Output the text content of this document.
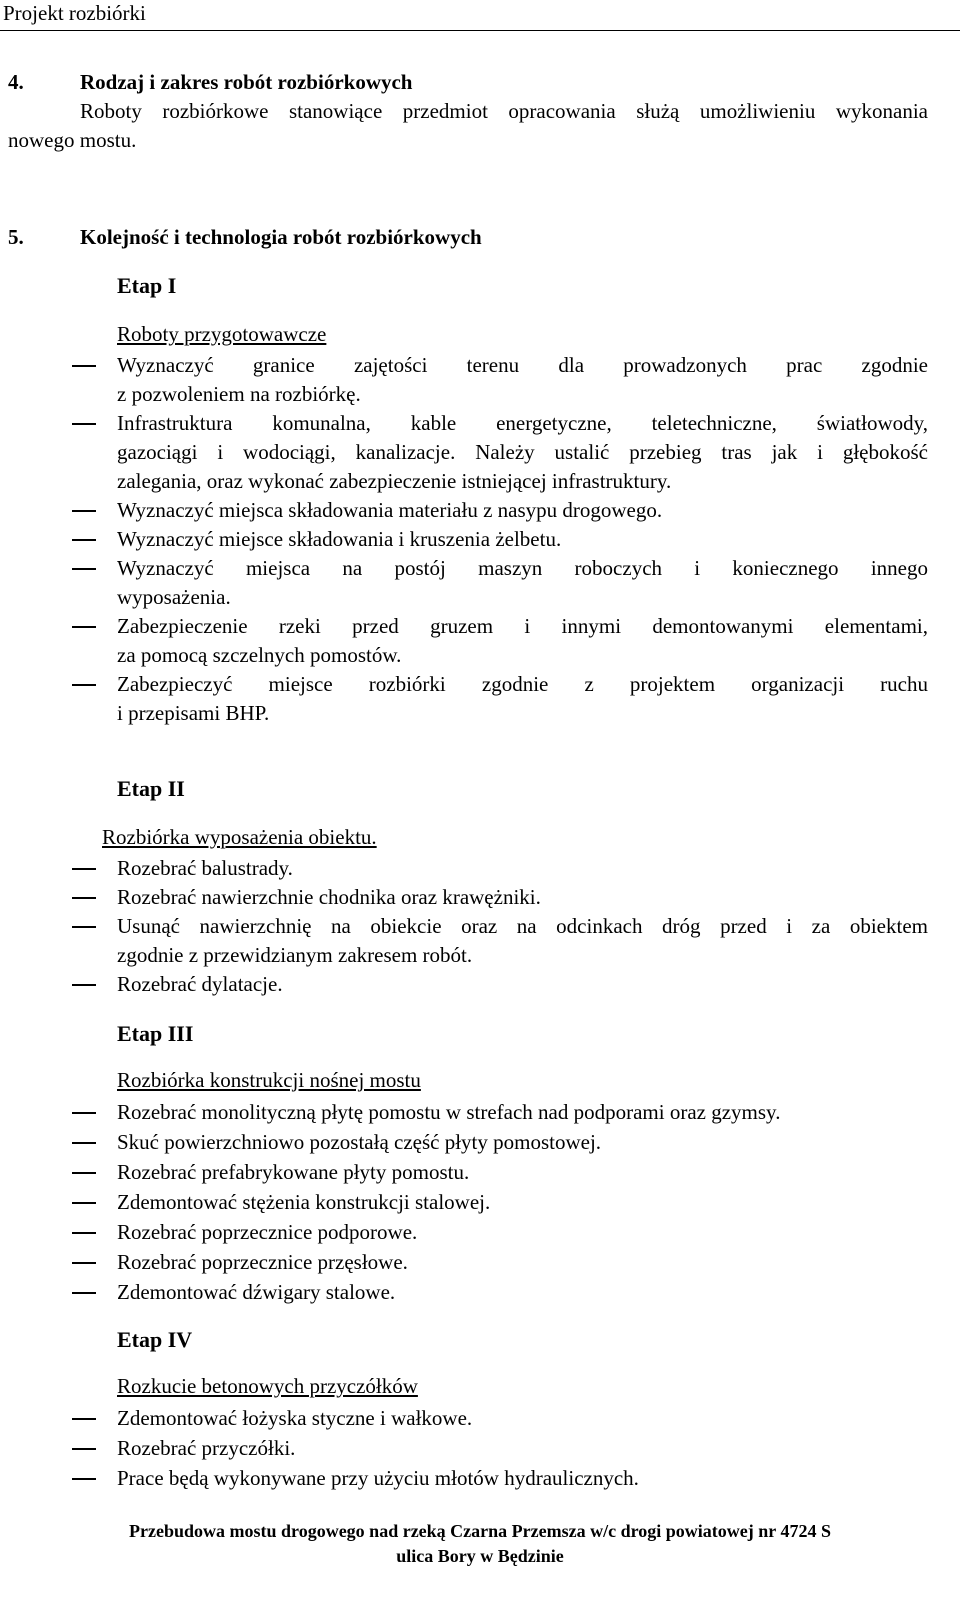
Projekt rozbiórki
4.	Rodzaj i zakres robót rozbiórkowych
Roboty rozbiórkowe stanowiące przedmiot opracowania służą umożliwieniu wykonania
nowego mostu.
5.	Kolejność i technologia robót rozbiórkowych
Etap I
Roboty przygotowawcze
Wyznaczyć granice zajętości terenu dla prowadzonych prac zgodnie
z pozwoleniem na rozbiórkę.
Infrastruktura komunalna, kable energetyczne, teletechniczne, światłowody,
gazociągi i wodociągi, kanalizacje. Należy ustalić przebieg tras jak i głębokość
zalegania, oraz wykonać zabezpieczenie istniejącej infrastruktury.
Wyznaczyć miejsca składowania materiału z nasypu drogowego.
Wyznaczyć miejsce składowania i kruszenia żelbetu.
Wyznaczyć miejsca na postój maszyn roboczych i koniecznego innego
wyposażenia.
Zabezpieczenie rzeki przed gruzem i innymi demontowanymi elementami,
za pomocą szczelnych pomostów.
Zabezpieczyć miejsce rozbiórki zgodnie z projektem organizacji ruchu
i przepisami BHP.
Etap II
Rozbiórka wyposażenia obiektu.
Rozebrać balustrady.
Rozebrać nawierzchnie chodnika oraz krawężniki.
Usunąć nawierzchnię na obiekcie oraz na odcinkach dróg przed i za obiektem
zgodnie z przewidzianym zakresem robót.
Rozebrać dylatacje.
Etap III
Rozbiórka konstrukcji nośnej mostu
Rozebrać monolityczną płytę pomostu w strefach nad podporami oraz gzymsy.
Skuć powierzchniowo pozostałą część płyty pomostowej.
Rozebrać prefabrykowane płyty pomostu.
Zdemontować stężenia konstrukcji stalowej.
Rozebrać poprzecznice podporowe.
Rozebrać poprzecznice przęsłowe.
Zdemontować dźwigary stalowe.
Etap IV
Rozkucie betonowych przyczółków
Zdemontować łożyska styczne i wałkowe.
Rozebrać przyczółki.
Prace będą wykonywane przy użyciu młotów hydraulicznych.
Przebudowa mostu drogowego nad rzeką Czarna Przemsza w/c drogi powiatowej nr 4724 S
ulica Bory w Będzinie
